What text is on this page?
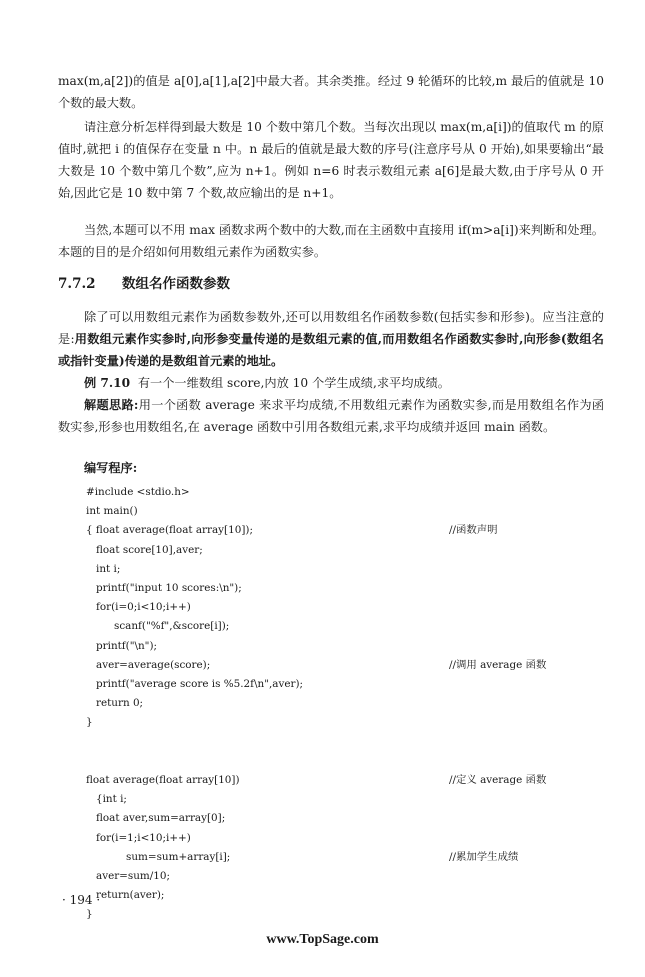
max(m,a[2])的值是 a[0],a[1],a[2]中最大者。其余类推。经过 9 轮循环的比较,m 最后的值就是 10 个数的最大数。
请注意分析怎样得到最大数是 10 个数中第几个数。当每次出现以 max(m,a[i])的值取代 m 的原值时,就把 i 的值保存在变量 n 中。n 最后的值就是最大数的序号(注意序号从 0 开始),如果要输出“最大数是 10 个数中第几个数”,应为 n+1。例如 n=6 时表示数组元素 a[6]是最大数,由于序号从 0 开始,因此它是 10 数中第 7 个数,故应输出的是 n+1。
当然,本题可以不用 max 函数求两个数中的大数,而在主函数中直接用 if(m>a[i])来判断和处理。本题的目的是介绍如何用数组元素作为函数实参。
7.7.2 数组名作函数参数
除了可以用数组元素作为函数参数外,还可以用数组名作函数参数(包括实参和形参)。应当注意的是:用数组元素作实参时,向形参变量传递的是数组元素的值,而用数组名作函数实参时,向形参(数组名或指针变量)传递的是数组首元素的地址。
例 7.10 有一个一维数组 score,内放 10 个学生成绩,求平均成绩。
解题思路:用一个函数 average 来求平均成绩,不用数组元素作为函数实参,而是用数组名作为函数实参,形参也用数组名,在 average 函数中引用各数组元素,求平均成绩并返回 main 函数。
编写程序:
#include <stdio.h>
int main()
{ float average(float array[10]);	//函数声明
float score[10],aver;
int i;
printf("input 10 scores:\n");
for(i=0;i<10;i++)
scanf("%f",&score[i]);
printf("\n");
aver=average(score);	//调用 average 函数
printf("average score is %5.2f\n",aver);
return 0;
}
float average(float array[10])	//定义 average 函数
{int i;
float aver,sum=array[0];
for(i=1;i<10;i++)
sum=sum+array[i];	//累加学生成绩
aver=sum/10;
return(aver);
}
· 194 ·
www.TopSage.com
